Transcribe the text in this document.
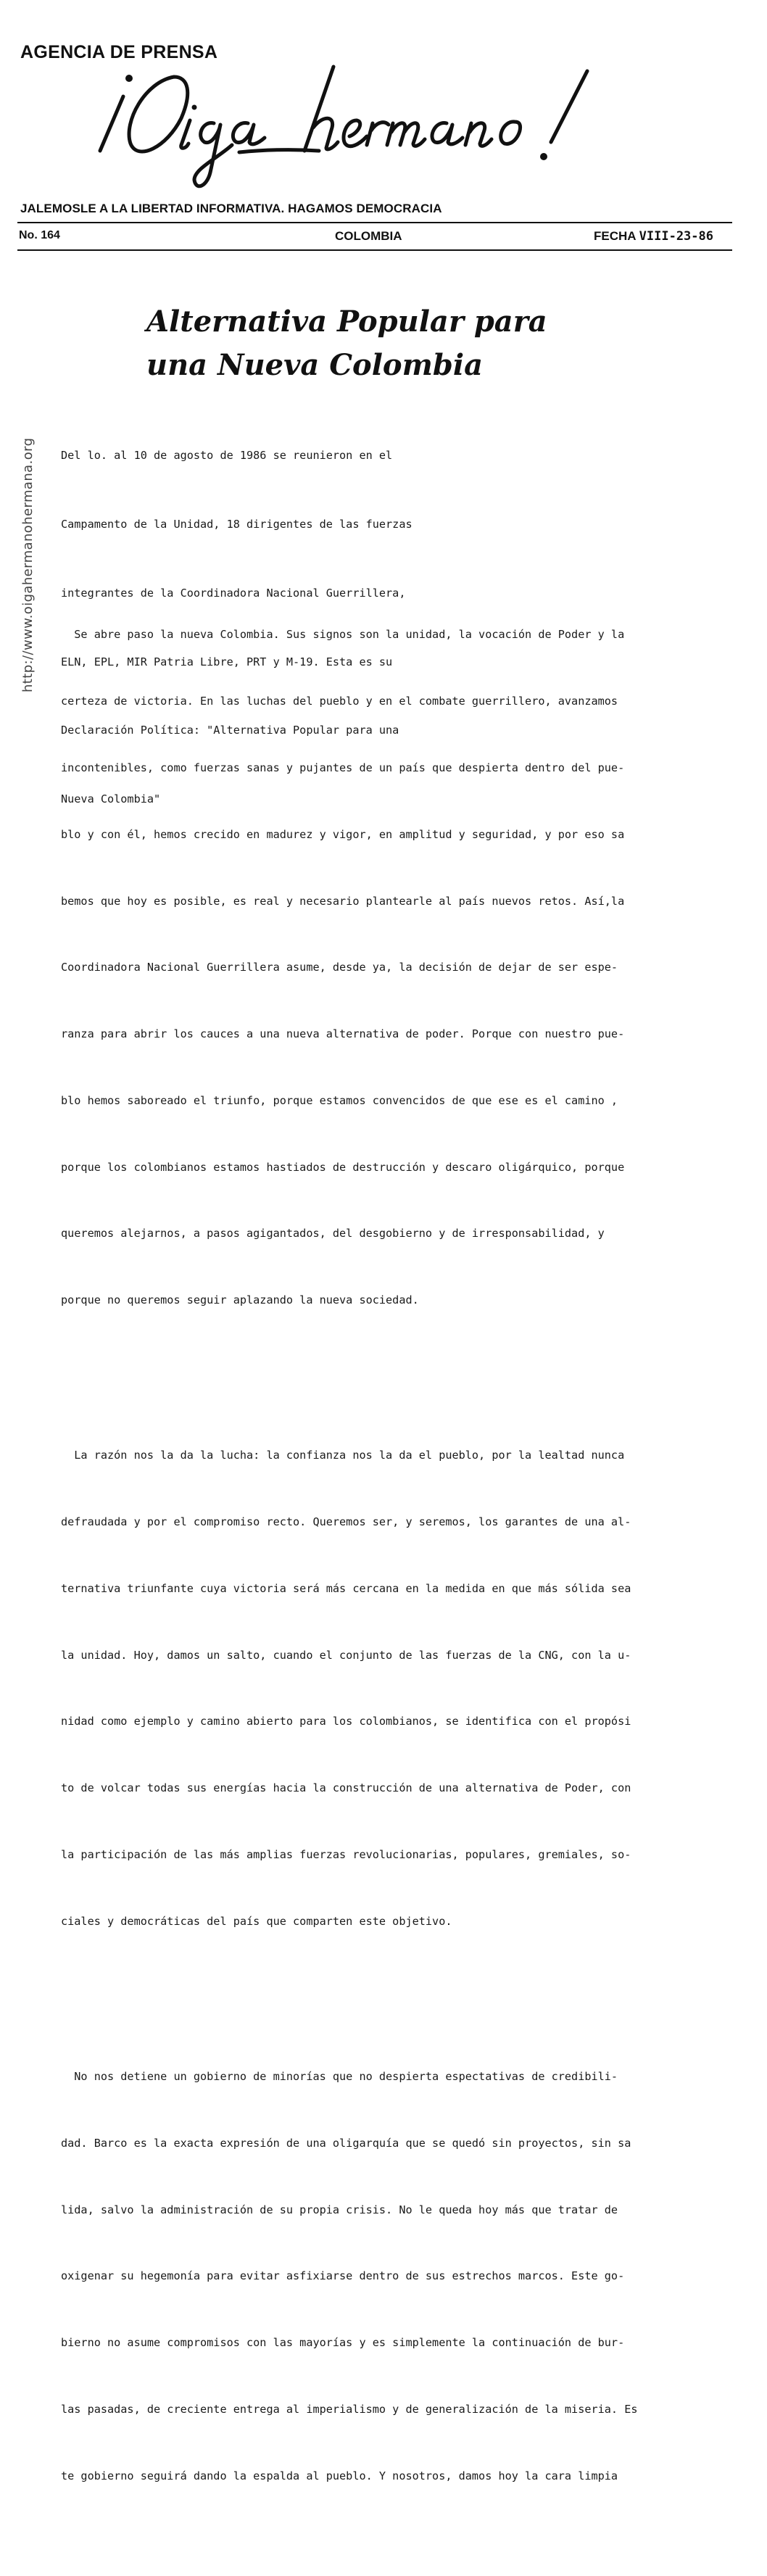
AGENCIA DE PRENSA
JALEMOSLE A LA LIBERTAD INFORMATIVA. HAGAMOS DEMOCRACIA
No. 164	COLOMBIA	FECHA VIII-23-86
http://www.oigahermanohermana.org
Alternativa Popular para
una Nueva Colombia

Del lo. al 10 de agosto de 1986 se reunieron en el

Campamento de la Unidad, 18 dirigentes de las fuerzas

integrantes de la Coordinadora Nacional Guerrillera,

ELN, EPL, MIR Patria Libre, PRT y M-19. Esta es su

Declaración Política: "Alternativa Popular para una

Nueva Colombia"

Se abre paso la nueva Colombia. Sus signos son la unidad, la vocación de Poder y la

certeza de victoria. En las luchas del pueblo y en el combate guerrillero, avanzamos

incontenibles, como fuerzas sanas y pujantes de un país que despierta dentro del pue-

blo y con él, hemos crecido en madurez y vigor, en amplitud y seguridad, y por eso sa

bemos que hoy es posible, es real y necesario plantearle al país nuevos retos. Así,la

Coordinadora Nacional Guerrillera asume, desde ya, la decisión de dejar de ser espe-

ranza para abrir los cauces a una nueva alternativa de poder. Porque con nuestro pue-

blo hemos saboreado el triunfo, porque estamos convencidos de que ese es el camino ,

porque los colombianos estamos hastiados de destrucción y descaro oligárquico, porque

queremos alejarnos, a pasos agigantados, del desgobierno y de irresponsabilidad, y

porque no queremos seguir aplazando la nueva sociedad.

La razón nos la da la lucha: la confianza nos la da el pueblo, por la lealtad nunca

defraudada y por el compromiso recto. Queremos ser, y seremos, los garantes de una al-

ternativa triunfante cuya victoria será más cercana en la medida en que más sólida sea

la unidad. Hoy, damos un salto, cuando el conjunto de las fuerzas de la CNG, con la u-

nidad como ejemplo y camino abierto para los colombianos, se identifica con el propósi

to de volcar todas sus energías hacia la construcción de una alternativa de Poder, con

la participación de las más amplias fuerzas revolucionarias, populares, gremiales, so-

ciales y democráticas del país que comparten este objetivo.

No nos detiene un gobierno de minorías que no despierta espectativas de credibili-

dad. Barco es la exacta expresión de una oligarquía que se quedó sin proyectos, sin sa

lida, salvo la administración de su propia crisis. No le queda hoy más que tratar de

oxigenar su hegemonía para evitar asfixiarse dentro de sus estrechos marcos. Este go-

bierno no asume compromisos con las mayorías y es simplemente la continuación de bur-

las pasadas, de creciente entrega al imperialismo y de generalización de la miseria. Es

te gobierno seguirá dando la espalda al pueblo. Y nosotros, damos hoy la cara limpia
